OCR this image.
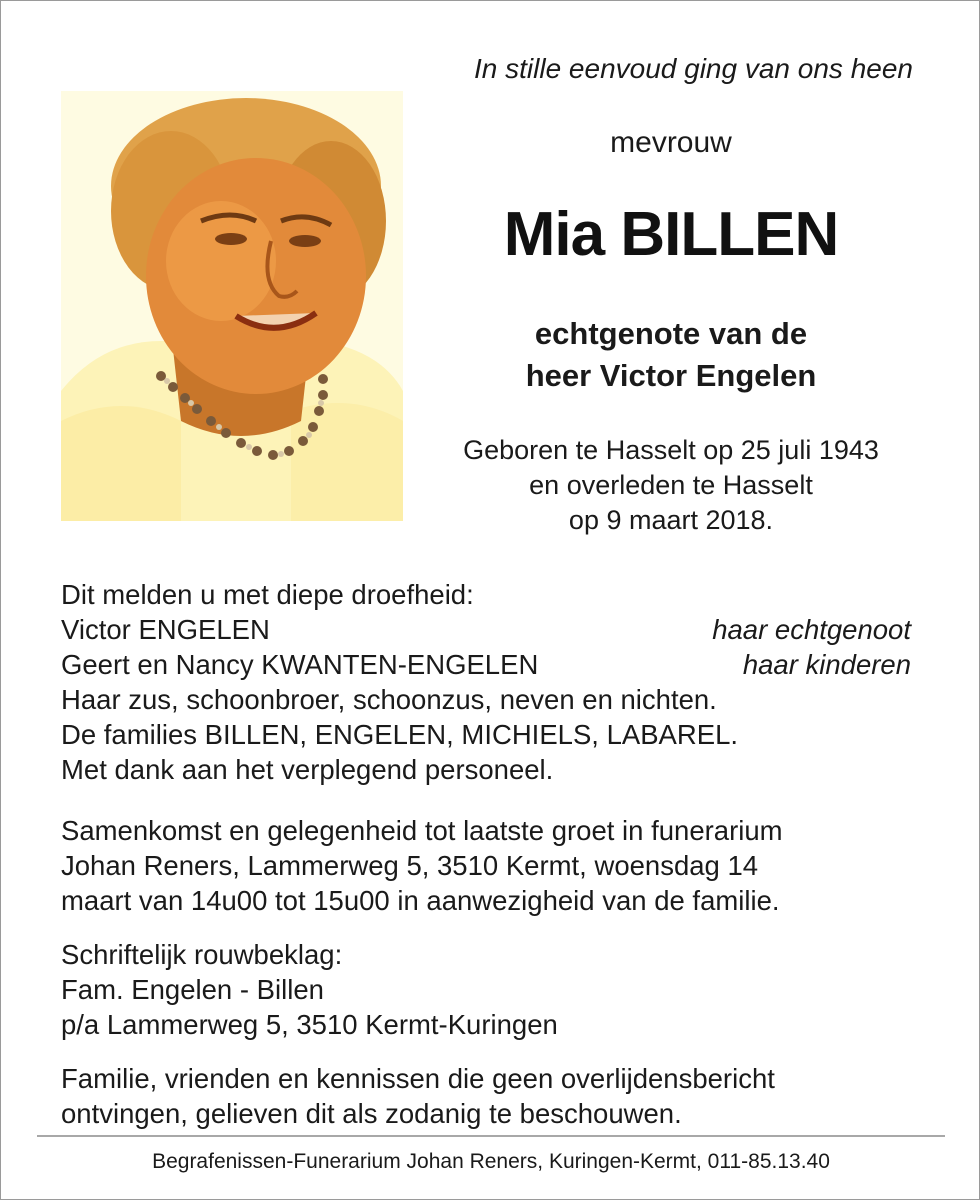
In stille eenvoud ging van ons heen
mevrouw
Mia BILLEN
echtgenote van de
heer Victor Engelen
Geboren te Hasselt op 25 juli 1943
en overleden te Hasselt
op 9 maart 2018.
Dit melden u met diepe droefheid:
Victor ENGELEN	haar echtgenoot
Geert en Nancy KWANTEN-ENGELEN	haar kinderen
Haar zus, schoonbroer, schoonzus, neven en nichten.
De families BILLEN, ENGELEN, MICHIELS, LABAREL.
Met dank aan het verplegend personeel.
Samenkomst en gelegenheid tot laatste groet in funerarium
Johan Reners, Lammerweg 5, 3510 Kermt, woensdag 14
maart van 14u00 tot 15u00 in aanwezigheid van de familie.
Schriftelijk rouwbeklag:
Fam. Engelen - Billen
p/a Lammerweg 5, 3510 Kermt-Kuringen
Familie, vrienden en kennissen die geen overlijdensbericht
ontvingen, gelieven dit als zodanig te beschouwen.
Begrafenissen-Funerarium Johan Reners, Kuringen-Kermt, 011-85.13.40
